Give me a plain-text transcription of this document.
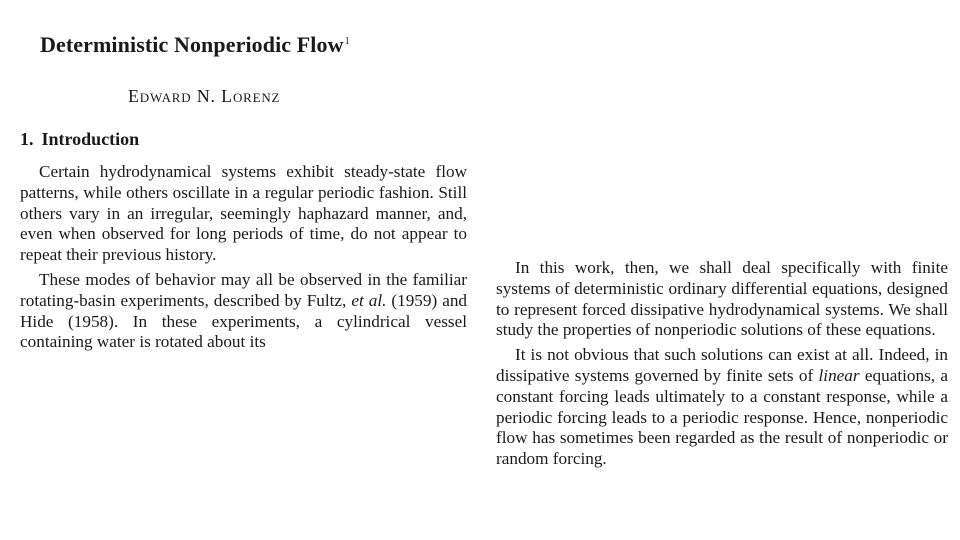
Deterministic Nonperiodic Flow$^1$
Edward N. Lorenz
1. Introduction

Certain hydrodynamical systems exhibit steady-state flow patterns, while others oscillate in a regular periodic fashion. Still others vary in an irregular, seemingly haphazard manner, and, even when observed for long periods of time, do not appear to repeat their previous history.

These modes of behavior may all be observed in the familiar rotating-basin experiments, described by Fultz, et al. (1959) and Hide (1958). In these experiments, a cylindrical vessel containing water is rotated about its

In this work, then, we shall deal specifically with finite systems of deterministic ordinary differential equations, designed to represent forced dissipative hydrodynamical systems. We shall study the properties of nonperiodic solutions of these equations.

It is not obvious that such solutions can exist at all. Indeed, in dissipative systems governed by finite sets of linear equations, a constant forcing leads ultimately to a constant response, while a periodic forcing leads to a periodic response. Hence, nonperiodic flow has sometimes been regarded as the result of nonperiodic or random forcing.
